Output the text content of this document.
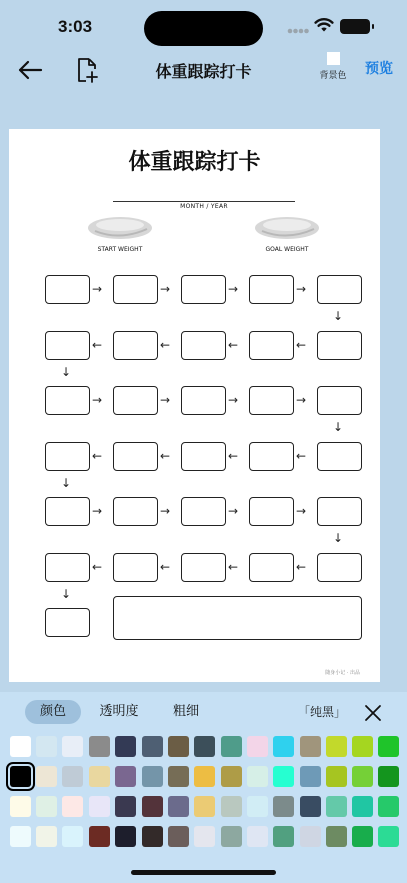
3:03
体重跟踪打卡	背景色 预览
体重跟踪打卡
MONTH / YEAR
START WEIGHT	GOAL WEIGHT
→	→	→	→
↓
←	←	←	←
↓
→	→	→	→
↓
←	←	←	←
↓
→	→	→	→
↓
←	←	←	←
↓
随身小记 · 出品
颜色	透明度	粗细	「纯黑」
